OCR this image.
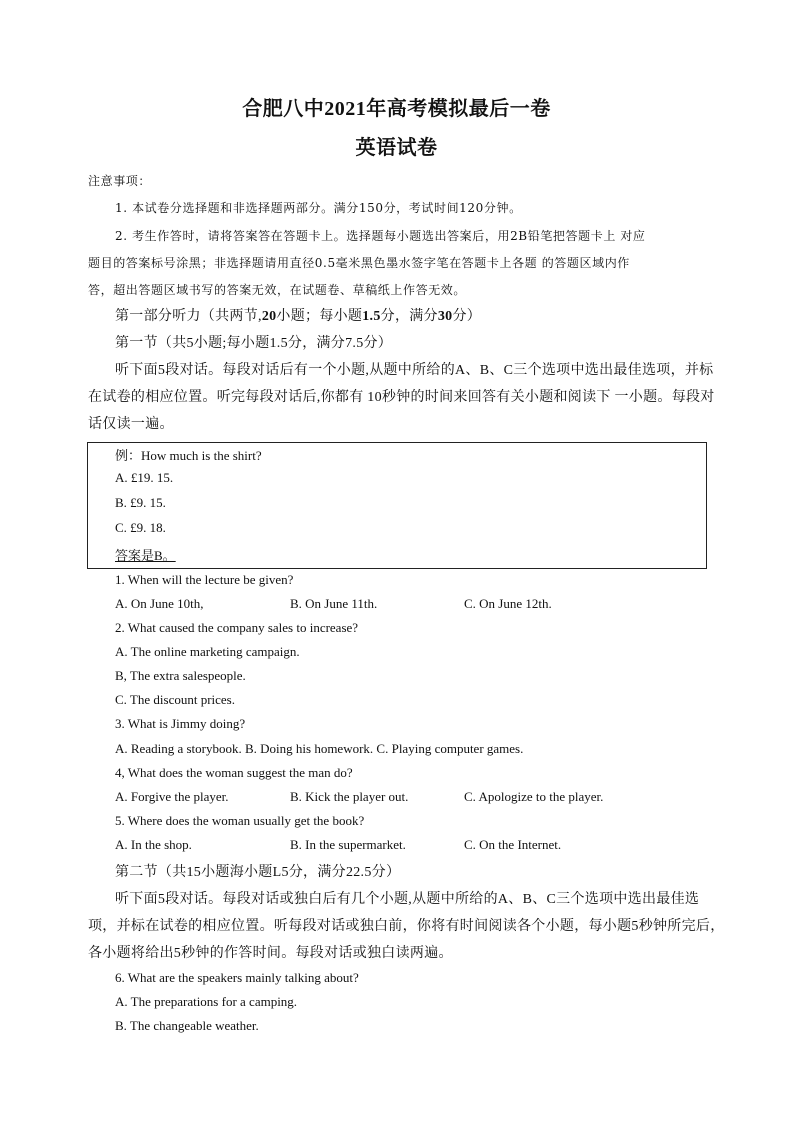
合肥八中2021年高考模拟最后一卷
英语试卷
注意事项：
1. 本试卷分选择题和非选择题两部分。满分150分，考试时间120分钟。
2. 考生作答时，请将答案答在答题卡上。选择题每小题选出答案后，用2B铅笔把答题卡上 对应
题目的答案标号涂黑；非选择题请用直径0.5毫米黑色墨水签字笔在答题卡上各题 的答题区域内作
答，超出答题区域书写的答案无效，在试题卷、草稿纸上作答无效。
第一部分听力（共两节,20小题；每小题1.5分，满分30分）
第一节（共5小题;每小题1.5分，满分7.5分）
听下面5段对话。每段对话后有一个小题,从题中所给的A、B、C三个选项中选出最佳选项，并标
在试卷的相应位置。听完每段对话后,你都有 10秒钟的时间来回答有关小题和阅读下 一小题。每段对
话仅读一遍。
例：How much is the shirt?
A. £19. 15.
B. £9. 15.
C. £9. 18.
答案是B。
1. When will the lecture be given?
A. On June 10th,	B. On June 11th.	C. On June 12th.
2. What caused the company sales to increase?
A. The online marketing campaign.
B, The extra salespeople.
C. The discount prices.
3. What is Jimmy doing?
A. Reading a storybook. B. Doing his homework. C. Playing computer games.
4, What does the woman suggest the man do?
A. Forgive the player.	B. Kick the player out.	C. Apologize to the player.
5. Where does the woman usually get the book?
A. In the shop.	B. In the supermarket.	C. On the Internet.
第二节（共15小题海小题L5分，满分22.5分）
听下面5段对话。每段对话或独白后有几个小题,从题中所给的A、B、C三个选项中选出最佳选
项，并标在试卷的相应位置。听每段对话或独白前，你将有时间阅读各个小题，每小题5秒钟所完后，
各小题将给出5秒钟的作答时间。每段对话或独白读两遍。
6. What are the speakers mainly talking about?
A. The preparations for a camping.
B. The changeable weather.
